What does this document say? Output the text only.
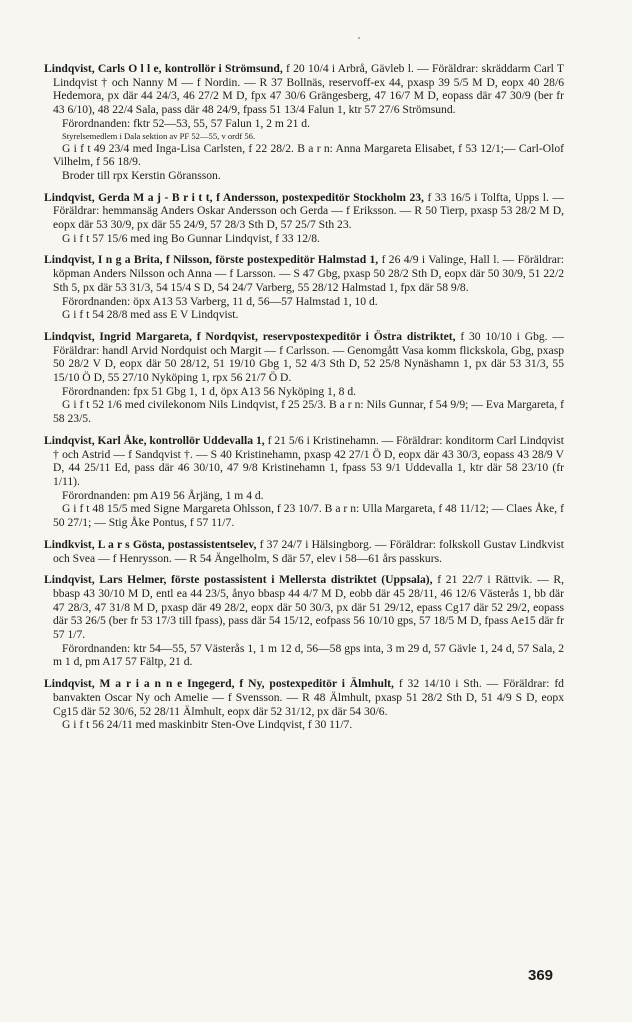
Lindqvist, Carls O l l e, kontrollör i Strömsund, f 20 10/4 i Arbrå, Gävleb l. — Föräldrar: skräddarm Carl T Lindqvist † och Nanny M — f Nordin. — R 37 Bollnäs, reservoff-ex 44, pxasp 39 5/5 M D, eopx 40 28/6 Hedemora, px där 44 24/3, 46 27/2 M D, fpx 47 30/6 Grängesberg, 47 16/7 M D, eopass där 47 30/9 (ber fr 43 6/10), 48 22/4 Sala, pass där 48 24/9, fpass 51 13/4 Falun 1, ktr 57 27/6 Strömsund.

Förordnanden: fktr 52—53, 55, 57 Falun 1, 2 m 21 d.

Styrelsemedlem i Dala sektion av PF 52—55, v ordf 56.

G i f t 49 23/4 med Inga-Lisa Carlsten, f 22 28/2. B a r n: Anna Margareta Elisabet, f 53 12/1;— Carl-Olof Vilhelm, f 56 18/9.

Broder till rpx Kerstin Göransson.

Lindqvist, Gerda M a j - B r i t t, f Andersson, postexpeditör Stockholm 23, f 33 16/5 i Tolfta, Upps l. — Föräldrar: hemmansäg Anders Oskar Andersson och Gerda — f Eriksson. — R 50 Tierp, pxasp 53 28/2 M D, eopx där 53 30/9, px där 55 24/9, 57 28/3 Sth D, 57 25/7 Sth 23.

G i f t 57 15/6 med ing Bo Gunnar Lindqvist, f 33 12/8.

Lindqvist, I n g a Brita, f Nilsson, förste postexpeditör Halmstad 1, f 26 4/9 i Valinge, Hall l. — Föräldrar: köpman Anders Nilsson och Anna — f Larsson. — S 47 Gbg, pxasp 50 28/2 Sth D, eopx där 50 30/9, 51 22/2 Sth 5, px där 53 31/3, 54 15/4 S D, 54 24/7 Varberg, 55 28/12 Halmstad 1, fpx där 58 9/8.

Förordnanden: öpx A13 53 Varberg, 11 d, 56—57 Halmstad 1, 10 d.

G i f t 54 28/8 med ass E V Lindqvist.

Lindqvist, Ingrid Margareta, f Nordqvist, reservpostexpeditör i Östra distriktet, f 30 10/10 i Gbg. — Föräldrar: handl Arvid Nordquist och Margit — f Carlsson. — Genomgått Vasa komm flickskola, Gbg, pxasp 50 28/2 V D, eopx där 50 28/12, 51 19/10 Gbg 1, 52 4/3 Sth D, 52 25/8 Nynäshamn 1, px där 53 31/3, 55 15/10 Ö D, 55 27/10 Nyköping 1, rpx 56 21/7 Ö D.

Förordnanden: fpx 51 Gbg 1, 1 d, öpx A13 56 Nyköping 1, 8 d.

G i f t 52 1/6 med civilekonom Nils Lindqvist, f 25 25/3. B a r n: Nils Gunnar, f 54 9/9; — Eva Margareta, f 58 23/5.

Lindqvist, Karl Åke, kontrollör Uddevalla 1, f 21 5/6 i Kristinehamn. — Föräldrar: konditorm Carl Lindqvist † och Astrid — f Sandqvist †. — S 40 Kristinehamn, pxasp 42 27/1 Ö D, eopx där 43 30/3, eopass 43 28/9 V D, 44 25/11 Ed, pass där 46 30/10, 47 9/8 Kristinehamn 1, fpass 53 9/1 Uddevalla 1, ktr där 58 23/10 (fr 1/11).

Förordnanden: pm A19 56 Årjäng, 1 m 4 d.

G i f t 48 15/5 med Signe Margareta Ohlsson, f 23 10/7. B a r n: Ulla Margareta, f 48 11/12; — Claes Åke, f 50 27/1; — Stig Åke Pontus, f 57 11/7.

Lindkvist, L a r s Gösta, postassistentselev, f 37 24/7 i Hälsingborg. — Föräldrar: folkskoll Gustav Lindkvist och Svea — f Henrysson. — R 54 Ängelholm, S där 57, elev i 58—61 års passkurs.

Lindqvist, Lars Helmer, förste postassistent i Mellersta distriktet (Uppsala), f 21 22/7 i Rättvik. — R, bbasp 43 30/10 M D, entl ea 44 23/5, ånyo bbasp 44 4/7 M D, eobb där 45 28/11, 46 12/6 Västerås 1, bb där 47 28/3, 47 31/8 M D, pxasp där 49 28/2, eopx där 50 30/3, px där 51 29/12, epass Cg17 där 52 29/2, eopass där 53 26/5 (ber fr 53 17/3 till fpass), pass där 54 15/12, eofpass 56 10/10 gps, 57 18/5 M D, fpass Ae15 där fr 57 1/7.

Förordnanden: ktr 54—55, 57 Västerås 1, 1 m 12 d, 56—58 gps inta, 3 m 29 d, 57 Gävle 1, 24 d, 57 Sala, 2 m 1 d, pm A17 57 Fältp, 21 d.

Lindqvist, M a r i a n n e Ingegerd, f Ny, postexpeditör i Älmhult, f 32 14/10 i Sth. — Föräldrar: fd banvakten Oscar Ny och Amelie — f Svensson. — R 48 Älmhult, pxasp 51 28/2 Sth D, 51 4/9 S D, eopx Cg15 där 52 30/6, 52 28/11 Älmhult, eopx där 52 31/12, px där 54 30/6.

G i f t 56 24/11 med maskinbitr Sten-Ove Lindqvist, f 30 11/7.

369
